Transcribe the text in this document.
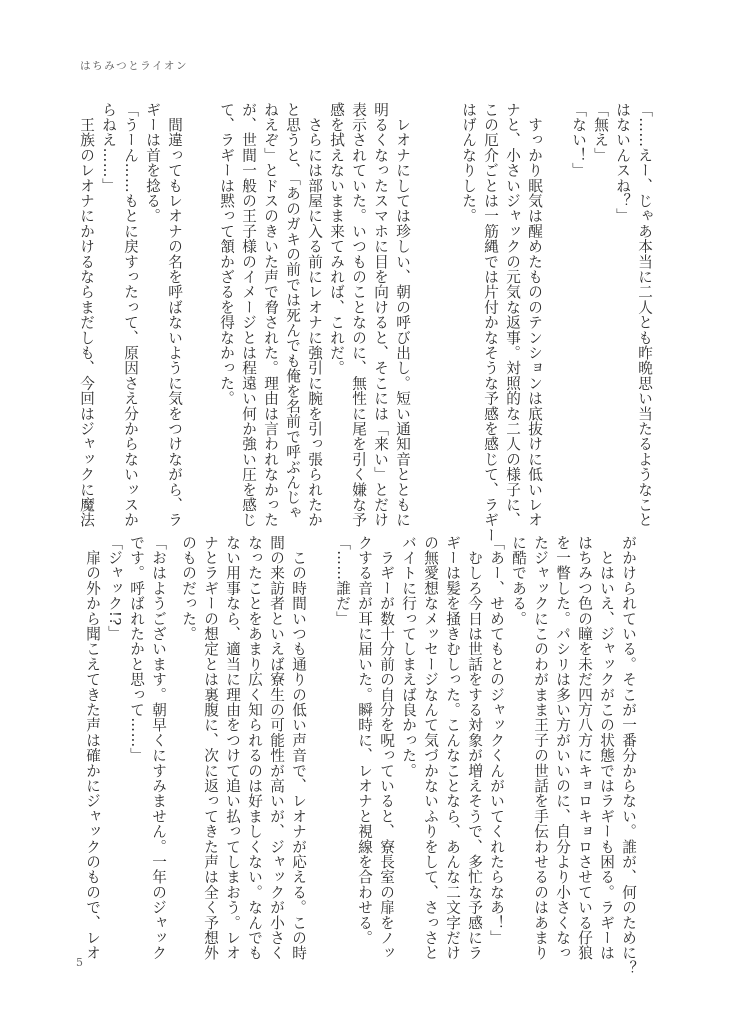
はちみつとライオン
「……えー、じゃあ本当に二人とも昨晩思い当たるようなこと
はないんスね？」
「無え」
「ない！」
　すっかり眠気は醒めたもののテンションは底抜けに低いレオ
ナと、小さいジャックの元気な返事。対照的な二人の様子に、
この厄介ごとは一筋縄では片付かなそうな予感を感じて、ラギー
はげんなりした。
　レオナにしては珍しい、朝の呼び出し。短い通知音とともに
明るくなったスマホに目を向けると、そこには「来い」とだけ
表示されていた。いつものことなのに、無性に尾を引く嫌な予
感を拭えないまま来てみれば、これだ。
　さらには部屋に入る前にレオナに強引に腕を引っ張られたか
と思うと、「あのガキの前では死んでも俺を名前で呼ぶんじゃ
ねえぞ」とドスのきいた声で脅された。理由は言われなかった
が、世間一般の王子様のイメージとは程遠い何か強い圧を感じ
て、ラギーは黙って頷かざるを得なかった。
　間違ってもレオナの名を呼ばないように気をつけながら、ラ
ギーは首を捻る。
「うーん……もとに戻すったって、原因さえ分からないッスか
らねえ……」
　王族のレオナにかけるならまだしも、今回はジャックに魔法
がかけられている。そこが一番分からない。誰が、何のために？
　とはいえ、ジャックがこの状態ではラギーも困る。ラギーは
はちみつ色の瞳を未だ四方八方にキョロキョロさせている仔狼
を一瞥した。パシリは多い方がいいのに、自分より小さくなっ
たジャックにこのわがまま王子の世話を手伝わせるのはあまり
に酷である。
「あー、せめてもとのジャックくんがいてくれたらなあ！」
　むしろ今日は世話をする対象が増えそうで、多忙な予感にラ
ギーは髪を掻きむしった。こんなことなら、あんな二文字だけ
の無愛想なメッセージなんて気づかないふりをして、さっさと
バイトに行ってしまえば良かった。
　ラギーが数十分前の自分を呪っていると、寮長室の扉をノッ
クする音が耳に届いた。瞬時に、レオナと視線を合わせる。
「……誰だ」
　この時間いつも通りの低い声音で、レオナが応える。この時
間の来訪者といえば寮生の可能性が高いが、ジャックが小さく
なったことをあまり広く知られるのは好ましくない。なんでも
ない用事なら、適当に理由をつけて追い払ってしまおう。レオ
ナとラギーの想定とは裏腹に、次に返ってきた声は全く予想外
のものだった。
「おはようございます。朝早くにすみません。一年のジャック
です。呼ばれたかと思って……」
「ジャック!?」
　扉の外から聞こえてきた声は確かにジャックのもので、レオ
5
